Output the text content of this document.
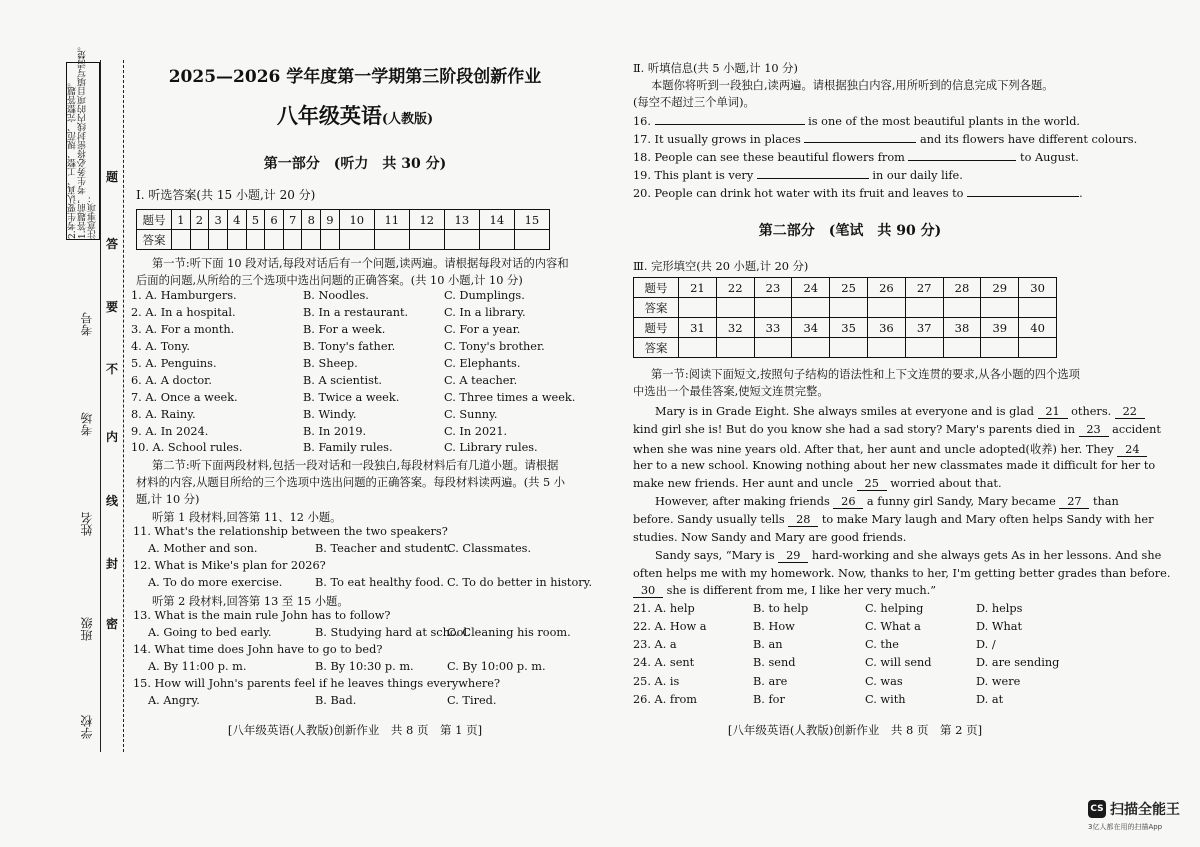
注意事项：
1.答题前，考生务必将密封线内的项目填写清楚。
2.考生要认真、工整、规范、完整答题。
考号
考场
姓名
班级
学校
题
答
要
不
内
线
封
密
2025—2026 学年度第一学期第三阶段创新作业
八年级英语(人教版)
第一部分　(听力　共 30 分)
Ⅰ. 听选答案(共 15 小题,计 20 分)
题号	1	2	3	4	5	6	7	8	9	10	11	12	13	14	15
答案															
第一节:听下面 10 段对话,每段对话后有一个问题,读两遍。请根据每段对话的内容和
后面的问题,从所给的三个选项中选出问题的正确答案。(共 10 小题,计 10 分)
1. A. Hamburgers.	B. Noodles.	C. Dumplings.
2. A. In a hospital.	B. In a restaurant.	C. In a library.
3. A. For a month.	B. For a week.	C. For a year.
4. A. Tony.	B. Tony's father.	C. Tony's brother.
5. A. Penguins.	B. Sheep.	C. Elephants.
6. A. A doctor.	B. A scientist.	C. A teacher.
7. A. Once a week.	B. Twice a week.	C. Three times a week.
8. A. Rainy.	B. Windy.	C. Sunny.
9. A. In 2024.	B. In 2019.	C. In 2021.
10. A. School rules.	B. Family rules.	C. Library rules.
第二节:听下面两段材料,包括一段对话和一段独白,每段材料后有几道小题。请根据
材料的内容,从题目所给的三个选项中选出问题的正确答案。每段材料读两遍。(共 5 小
题,计 10 分)
听第 1 段材料,回答第 11、12 小题。
11. What's the relationship between the two speakers?
A. Mother and son.	B. Teacher and student.
C. Classmates.
12. What is Mike's plan for 2026?
A. To do more exercise.	B. To eat healthy food. C. To do better in history.
听第 2 段材料,回答第 13 至 15 小题。
13. What is the main rule John has to follow?
A. Going to bed early.	B. Studying hard at school.
C. Cleaning his room.
14. What time does John have to go to bed?
A. By 11:00 p. m.	B. By 10:30 p. m.	C. By 10:00 p. m.
15. How will John's parents feel if he leaves things everywhere?
A. Angry.	B. Bad.	C. Tired.
[八年级英语(人教版)创新作业　共 8 页　第 1 页]
Ⅱ. 听填信息(共 5 小题,计 10 分)
本题你将听到一段独白,读两遍。请根据独白内容,用所听到的信息完成下列各题。
(每空不超过三个单词)。
16.	is one of the most beautiful plants in the world.
17. It usually grows in places	and its flowers have different colours.
18. People can see these beautiful flowers from	to August.
19. This plant is very	in our daily life.
20. People can drink hot water with its fruit and leaves to	.
第二部分　(笔试　共 90 分)
Ⅲ. 完形填空(共 20 小题,计 20 分)
题号	21	22	23	24	25	26	27	28	29	30
答案										
题号	31	32	33	34	35	36	37	38	39	40
答案										
第一节:阅读下面短文,按照句子结构的语法性和上下文连贯的要求,从各小题的四个选项
中选出一个最佳答案,使短文连贯完整。
Mary is in Grade Eight. She always smiles at everyone and is glad 21 others. 22
kind girl she is! But do you know she had a sad story? Mary's parents died in 23 accident
when she was nine years old. After that, her aunt and uncle adopted(收养) her. They 24
her to a new school. Knowing nothing about her new classmates made it difficult for her to
make new friends. Her aunt and uncle 25 worried about that.
However, after making friends 26 a funny girl Sandy, Mary became 27 than
before. Sandy usually tells 28 to make Mary laugh and Mary often helps Sandy with her
studies. Now Sandy and Mary are good friends.
Sandy says, “Mary is 29 hard-working and she always gets As in her lessons. And she
often helps me with my homework. Now, thanks to her, I'm getting better grades than before.
30 she is different from me, I like her very much.”
21. A. help	B. to help	C. helping	D. helps
22. A. How a	B. How	C. What a	D. What
23. A. a	B. an	C. the	D. /
24. A. sent	B. send	C. will send	D. are sending
25. A. is	B. are	C. was	D. were
26. A. from	B. for	C. with	D. at
[八年级英语(人教版)创新作业　共 8 页　第 2 页]
CS 扫描全能王
3亿人都在用的扫描App
